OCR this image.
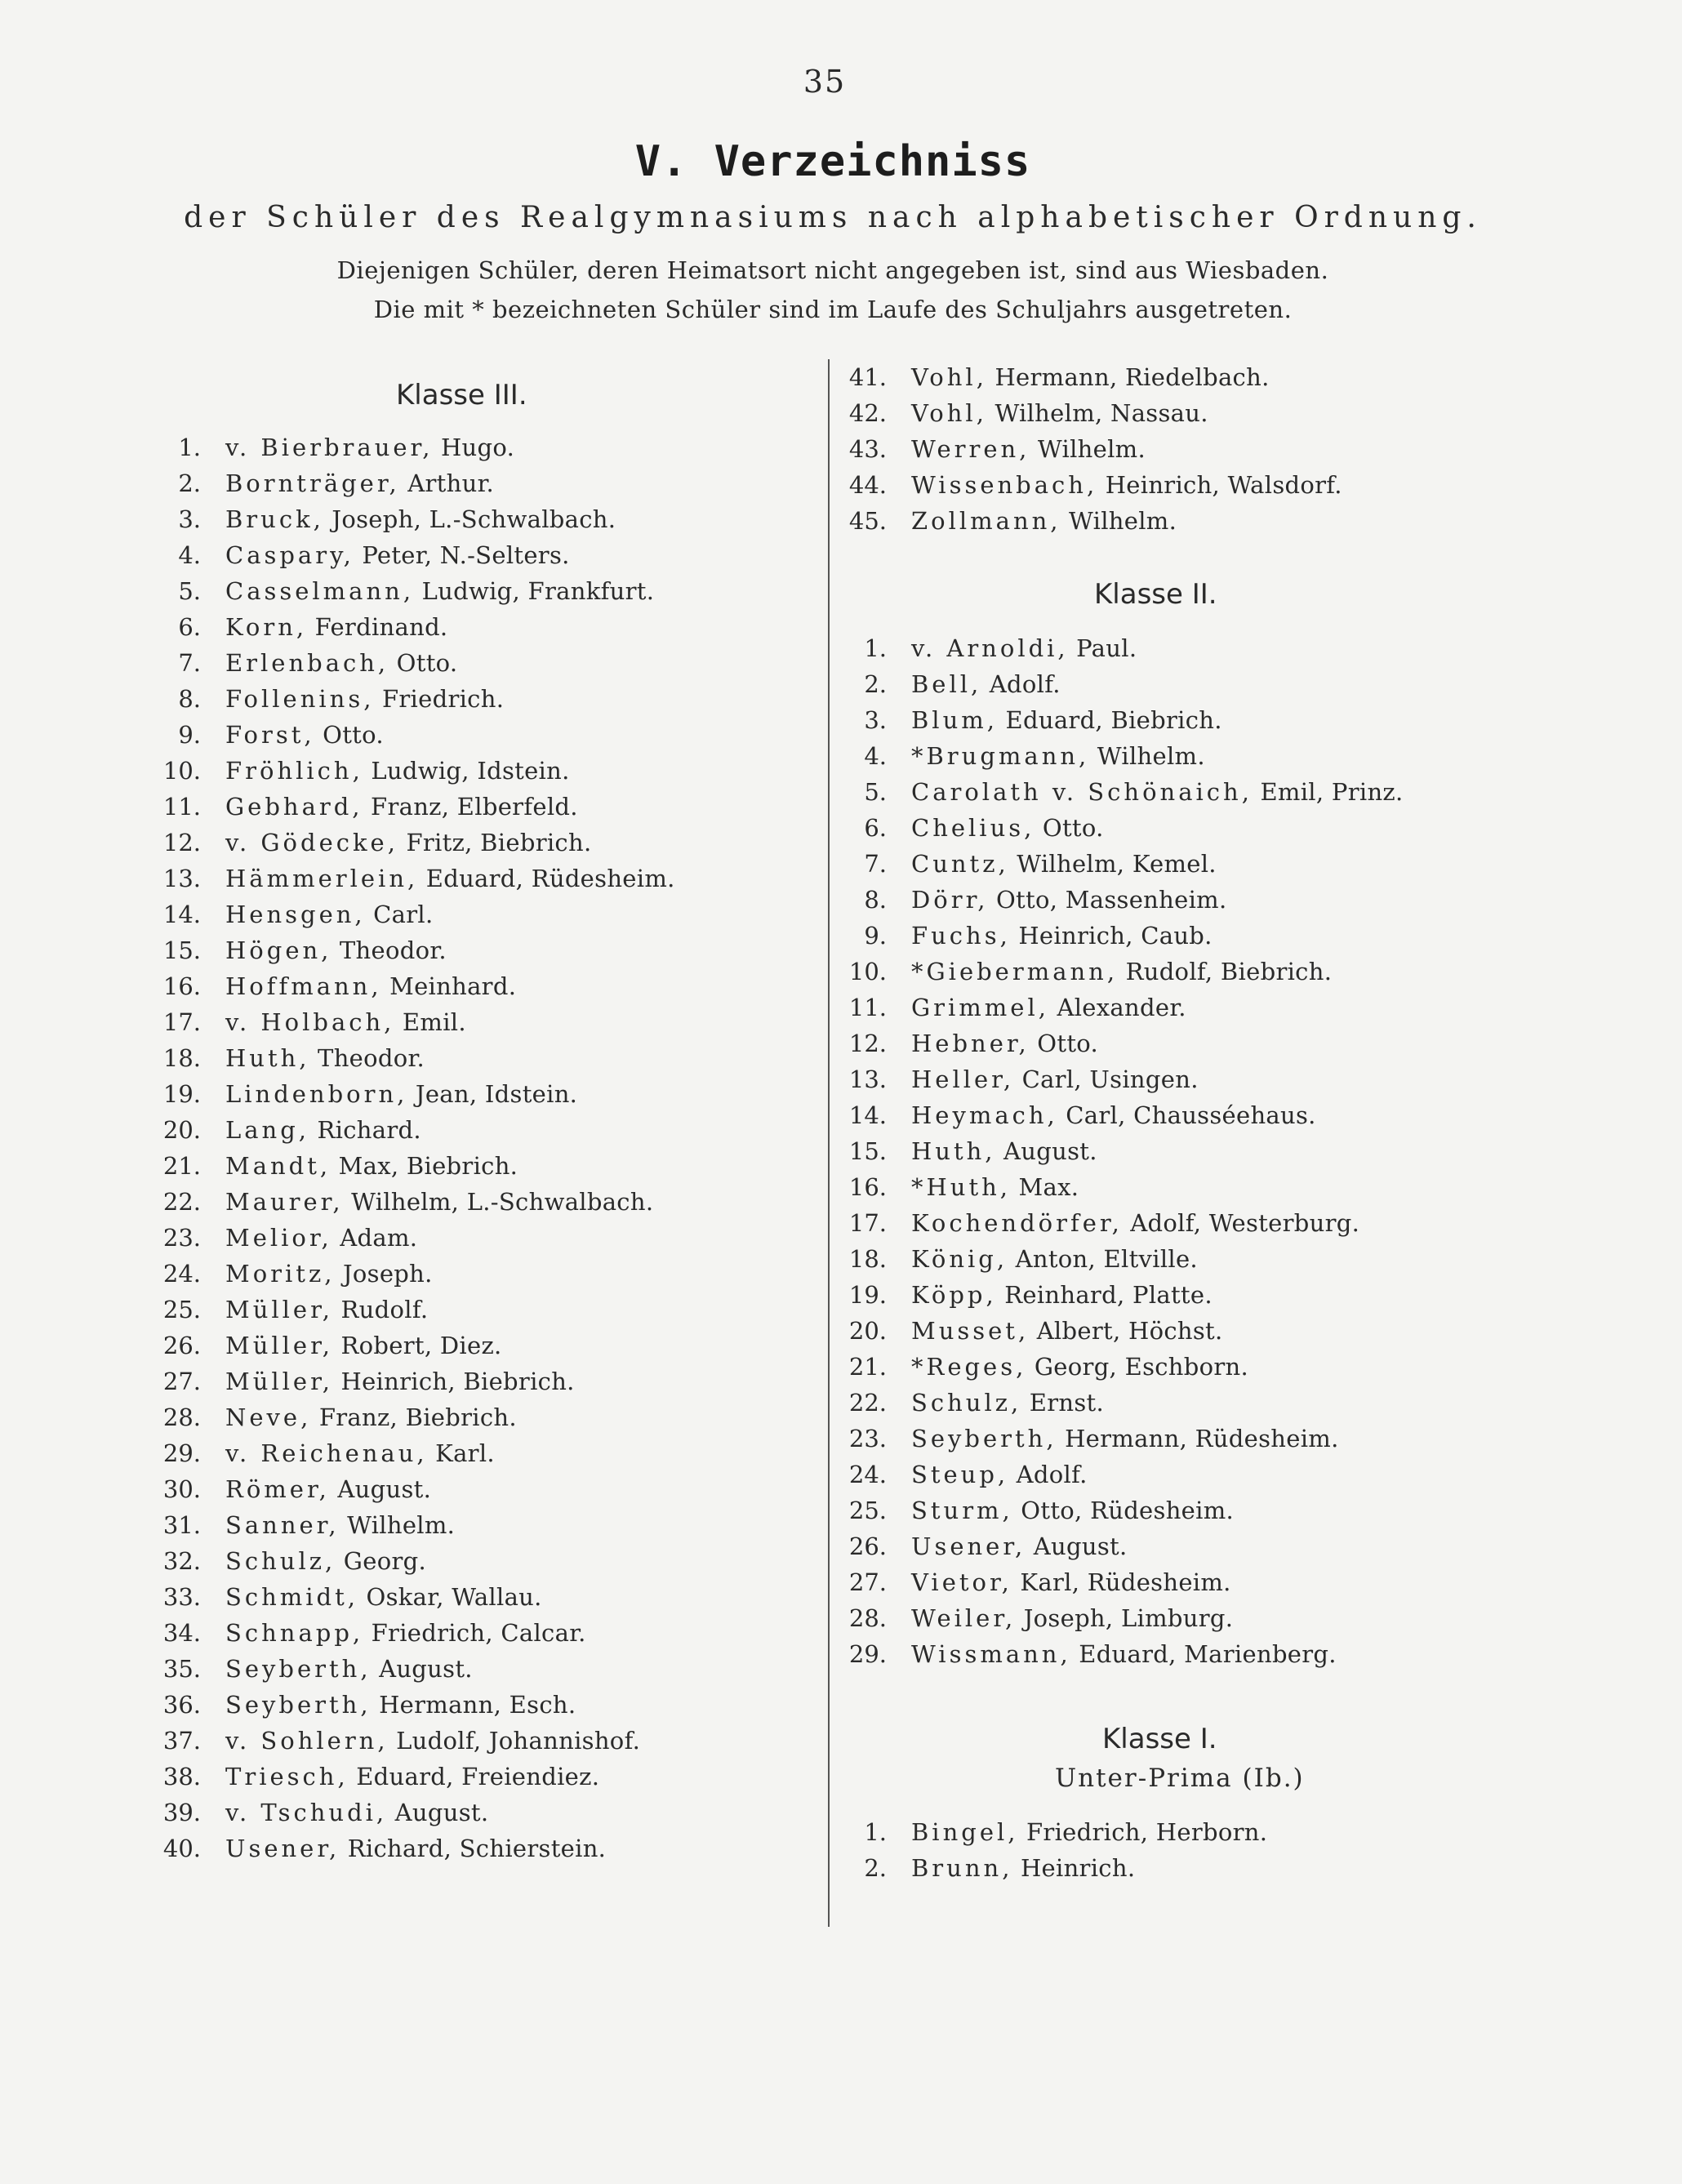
35
V. Verzeichniss
der Schüler des Realgymnasiums nach alphabetischer Ordnung.
Diejenigen Schüler, deren Heimatsort nicht angegeben ist, sind aus Wiesbaden.
Die mit * bezeichneten Schüler sind im Laufe des Schuljahrs ausgetreten.
Klasse III.
1. v. Bierbrauer, Hugo.
2. Bornträger, Arthur.
3. Bruck, Joseph, L.-Schwalbach.
4. Caspary, Peter, N.-Selters.
5. Casselmann, Ludwig, Frankfurt.
6. Korn, Ferdinand.
7. Erlenbach, Otto.
8. Follenins, Friedrich.
9. Forst, Otto.
10. Fröhlich, Ludwig, Idstein.
11. Gebhard, Franz, Elberfeld.
12. v. Gödecke, Fritz, Biebrich.
13. Hämmerlein, Eduard, Rüdesheim.
14. Hensgen, Carl.
15. Högen, Theodor.
16. Hoffmann, Meinhard.
17. v. Holbach, Emil.
18. Huth, Theodor.
19. Lindenborn, Jean, Idstein.
20. Lang, Richard.
21. Mandt, Max, Biebrich.
22. Maurer, Wilhelm, L.-Schwalbach.
23. Melior, Adam.
24. Moritz, Joseph.
25. Müller, Rudolf.
26. Müller, Robert, Diez.
27. Müller, Heinrich, Biebrich.
28. Neve, Franz, Biebrich.
29. v. Reichenau, Karl.
30. Römer, August.
31. Sanner, Wilhelm.
32. Schulz, Georg.
33. Schmidt, Oskar, Wallau.
34. Schnapp, Friedrich, Calcar.
35. Seyberth, August.
36. Seyberth, Hermann, Esch.
37. v. Sohlern, Ludolf, Johannishof.
38. Triesch, Eduard, Freiendiez.
39. v. Tschudi, August.
40. Usener, Richard, Schierstein.
41. Vohl, Hermann, Riedelbach.
42. Vohl, Wilhelm, Nassau.
43. Werren, Wilhelm.
44. Wissenbach, Heinrich, Walsdorf.
45. Zollmann, Wilhelm.
Klasse II.
1. v. Arnoldi, Paul.
2. Bell, Adolf.
3. Blum, Eduard, Biebrich.
4. *Brugmann, Wilhelm.
5. Carolath v. Schönaich, Emil, Prinz.
6. Chelius, Otto.
7. Cuntz, Wilhelm, Kemel.
8. Dörr, Otto, Massenheim.
9. Fuchs, Heinrich, Caub.
10. *Giebermann, Rudolf, Biebrich.
11. Grimmel, Alexander.
12. Hebner, Otto.
13. Heller, Carl, Usingen.
14. Heymach, Carl, Chausséehaus.
15. Huth, August.
16. *Huth, Max.
17. Kochendörfer, Adolf, Westerburg.
18. König, Anton, Eltville.
19. Köpp, Reinhard, Platte.
20. Musset, Albert, Höchst.
21. *Reges, Georg, Eschborn.
22. Schulz, Ernst.
23. Seyberth, Hermann, Rüdesheim.
24. Steup, Adolf.
25. Sturm, Otto, Rüdesheim.
26. Usener, August.
27. Vietor, Karl, Rüdesheim.
28. Weiler, Joseph, Limburg.
29. Wissmann, Eduard, Marienberg.
Klasse I.
Unter-Prima (Ib.)
1. Bingel, Friedrich, Herborn.
2. Brunn, Heinrich.
